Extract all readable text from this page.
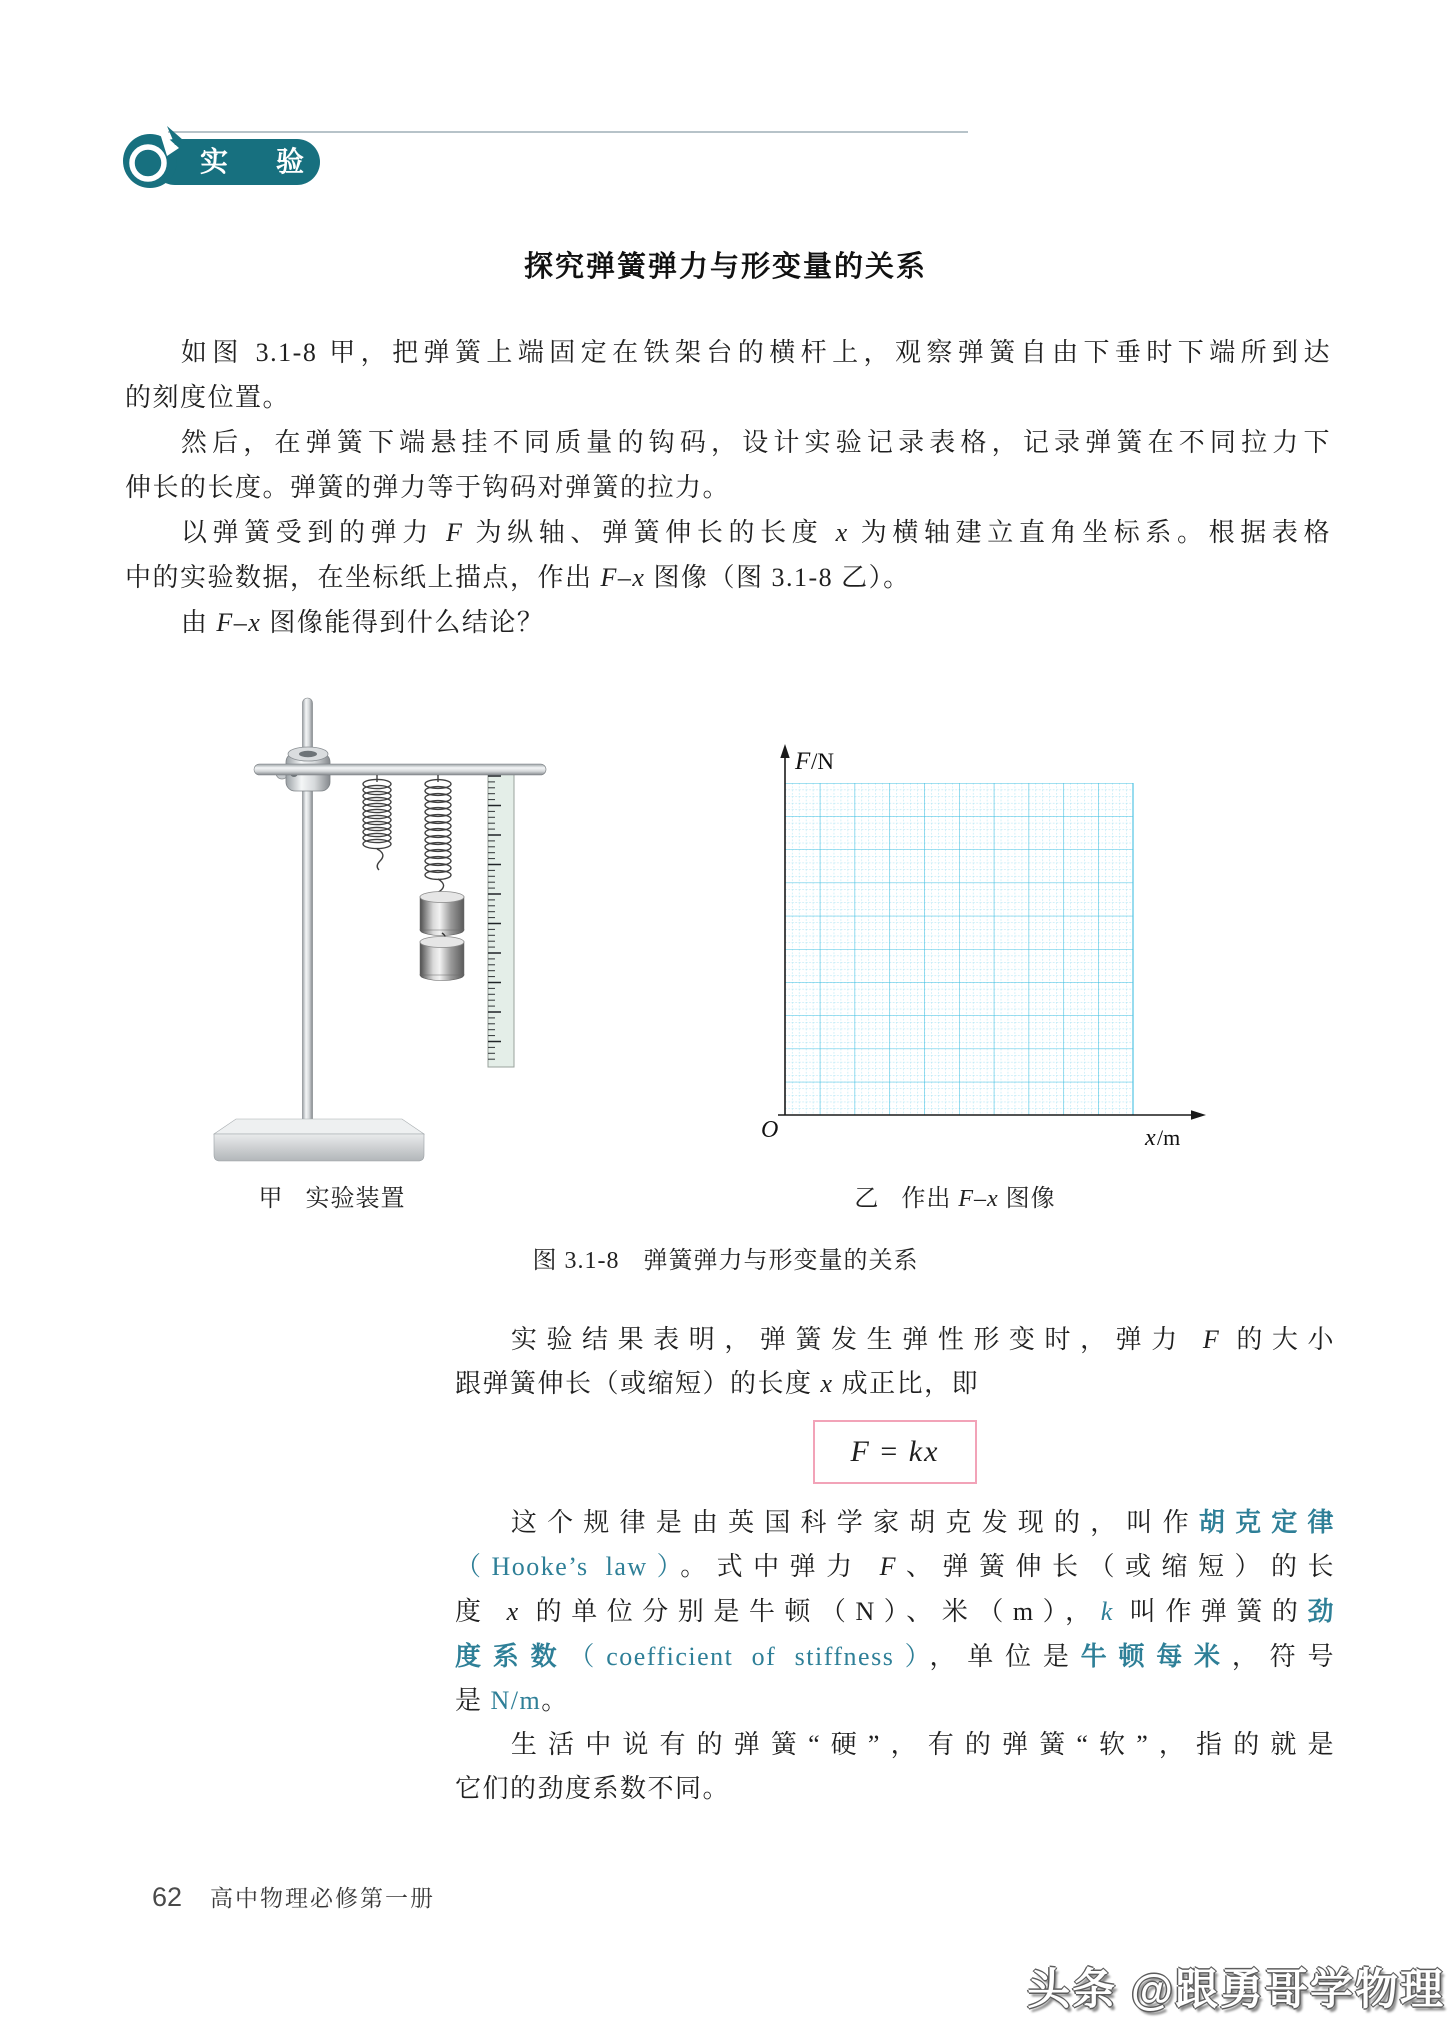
实　验
探究弹簧弹力与形变量的关系
如图 3.1-8 甲，把弹簧上端固定在铁架台的横杆上，观察弹簧自由下垂时下端所到达
的刻度位置。
然后，在弹簧下端悬挂不同质量的钩码，设计实验记录表格，记录弹簧在不同拉力下
伸长的长度。弹簧的弹力等于钩码对弹簧的拉力。
以弹簧受到的弹力 F 为纵轴、弹簧伸长的长度 x 为横轴建立直角坐标系。根据表格
中的实验数据，在坐标纸上描点，作出 F–x 图像（图 3.1-8 乙）。
由 F–x 图像能得到什么结论？
F /N
O	x /m
甲 实验装置	乙 作出 F–x 图像
图 3.1-8 弹簧弹力与形变量的关系
实验结果表明，弹簧发生弹性形变时，弹力 F 的大小
跟弹簧伸长（或缩短）的长度 x 成正比，即
F = kx
这个规律是由英国科学家胡克发现的，叫作胡克定律
（Hooke’s law）。式中弹力 F、弹簧伸长（或缩短）的长
度 x 的单位分别是牛顿（N）、米（m），k 叫作弹簧的劲
度系数（coefficient of stiffness），单位是牛顿每米，符号
是 N/m。
生活中说有的弹簧“硬”，有的弹簧“软”，指的就是
它们的劲度系数不同。
62 高中物理必修第一册
头条 @跟勇哥学物理
